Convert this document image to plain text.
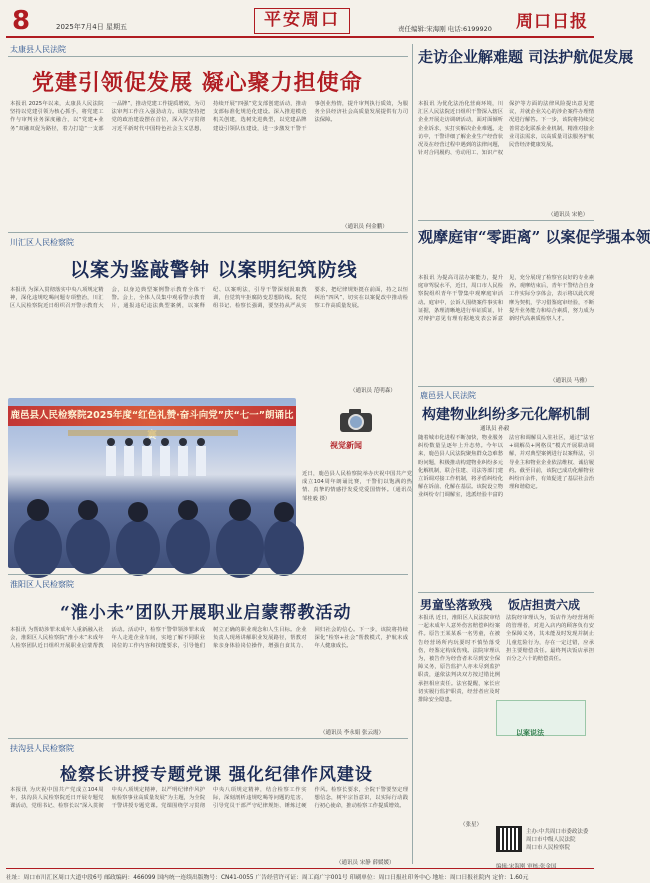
8	2025年7月4日 星期五	平安周口	责任编辑:宋海刚 电话:6199920 周口日报
太康县人民法院
党建引领促发展 凝心聚力担使命
本报讯 2025年以来，太康县人民法院坚持以党建引领为核心抓手，将党建工作与审判业务深度融合，以“党建+业务”双融双促为路径，着力打造“一支部一品牌”，推动党建工作提质增效，为司法审判工作注入强劲动力。该院坚持把党的政治建设摆在首位，深入学习贯彻习近平新时代中国特色社会主义思想，持续开展“四强”党支部创建活动，推动支部标准化规范化建设。深入推进模范机关创建，选树先进典型，以党建品牌建设引领队伍建设，进一步激发干警干事创业热情，提升审判执行质效，为服务全县经济社会高质量发展提供有力司法保障。
（通讯员 何金鹏）
川汇区人民检察院
以案为鉴敲警钟 以案明纪筑防线
本报讯 为深入贯彻落实中央八项规定精神，深化违规吃喝问题专项整治，川汇区人民检察院近日组织召开警示教育大会，以身边典型案例警示教育全体干警。会上，全体人员集中观看警示教育片，通报违纪违法典型案例，以案释纪、以案明法，引导干警深刻汲取教训，自觉筑牢拒腐防变思想防线。院党组书记、检察长强调，要坚持从严从实要求，把纪律规矩挺在前面，持之以恒纠治“四风”，切实在以案促改中推动检察工作高质量发展。
（通讯员 范明森）
鹿邑县人民检察院2025年度“红色礼赞·奋斗向党”庆“七一”朗诵比
视觉新闻
近日，鹿邑县人民检察院举办庆祝中国共产党成立104周年朗诵比赛，干警们以饱满的热情、真挚的情感抒发爱党爱国情怀。（通讯员 邹桂毅 摄）
淮阳区人民检察院
“淮小未”团队开展职业启蒙帮教活动
本报讯 为帮助涉罪未成年人重新融入社会，淮阳区人民检察院“淮小未”未成年人检察团队近日组织开展职业启蒙帮教活动。活动中，检察干警带领涉罪未成年人走进企业车间，实地了解不同职业岗位的工作内容和技能要求，引导他们树立正确的职业观念和人生目标。企业负责人现场讲解职业发展路径，帮教对象亲身体验岗位操作，增强自食其力、回归社会的信心。下一步，该院将持续深化“检察+社会”帮教模式，护航未成年人健康成长。
（通讯员 李永娟 张云霞）
扶沟县人民检察院
检察长讲授专题党课 强化纪律作风建设
本报讯 为庆祝中国共产党成立104周年，扶沟县人民检察院近日开展专题党课活动，党组书记、检察长以“深入贯彻中央八项规定精神，以严明纪律作风护航检察事业高质量发展”为主题，为全院干警讲授专题党课。党课围绕学习贯彻中央八项规定精神，结合检察工作实际，深刻剖析违规吃喝等问题的危害，引导党员干部严守纪律规矩、锤炼过硬作风。检察长要求，全院干警要坚定理想信念，树牢宗旨意识，以实际行动践行初心使命，推动检察工作提质增效。
（通讯员 宋静 薛媛媛）
走访企业解难题 司法护航促发展
本报讯 为优化法治化营商环境，川汇区人民法院近日组织干警深入辖区企业开展走访调研活动，面对面倾听企业诉求，实打实解决企业难题。走访中，干警详细了解企业生产经营状况及在经营过程中遇到的法律问题，针对合同履约、劳动用工、知识产权保护等方面的法律风险提出意见建议，并就企业关心的涉企案件办理情况进行解答。下一步，该院将持续完善常态化联系企业机制，精准对接企业司法需求，以高质量司法服务护航民营经济健康发展。
（通讯员 宋艳）
观摩庭审“零距离” 以案促学强本领
本报讯 为提高司法办案能力，提升庭审驾驭水平，近日，周口市人民检察院组织青年干警集中观摩庭审活动。庭审中，公诉人围绕案件事实和证据，条理清晰地进行举证质证，针对辩护意见有理有据地发表公诉意见，充分展现了检察官良好的专业素养。观摩结束后，青年干警结合自身工作实际分享体会，表示将以此次观摩为契机，学习借鉴庭审经验，不断提升业务能力和综合素质，努力成为新时代高素质检察人才。
（通讯员 马雅）
鹿邑县人民法院
构建物业纠纷多元化解机制
通讯员 孙毅
随着城市化进程不断加快，物业服务纠纷数量呈逐年上升态势。今年以来，鹿邑县人民法院聚焦群众急难愁盼问题，积极推动构建物业纠纷多元化解机制，联合住建、司法等部门建立诉调对接工作机制，将矛盾纠纷化解在诉前、化解在基层。该院设立物业纠纷专门调解室，选派经验丰富的法官和调解员入驻社区，通过“法官+调解员+网格员”模式开展联动调解，并对典型案例进行以案释法，引导业主和物业企业依法维权、诚信履约。截至目前，该院已成功化解物业纠纷百余件，有效促进了基层社会治理和谐稳定。
男童坠落致残 饭店担责六成
本报讯 近日，淮阳区人民法院审结一起未成年人意外伤害赔偿纠纷案件。原告王某某系一名男童，在被告经营场所内玩耍时不慎坠落受伤，经鉴定构成伤残。法院审理认为，被告作为经营者未尽到安全保障义务，原告监护人亦未尽到监护职责，遂依法判决双方按过错比例承担相应责任。法官提醒，家长应切实履行监护职责，经营者应及时排除安全隐患。
（张星）
法院经审理认为，饭店作为经营场所的管理者，对进入店内的顾客负有安全保障义务，其未能及时发现并制止儿童危险行为，存在一定过错，应承担主要赔偿责任。最终判决饭店承担百分之六十的赔偿责任。
以案说法
主办:中共周口市委政法委
周口市中级人民法院
周口市人民检察院
编辑:宋海刚 审核:张金国
社址：周口市川汇区周口大道中段6号 邮政编码：466099 国内统一连续出版物号：CN41-0055 广告经营许可证：周工商广字001号 印刷单位：周口日报社印务中心 地址：周口日报社院内 定价：1.60元
